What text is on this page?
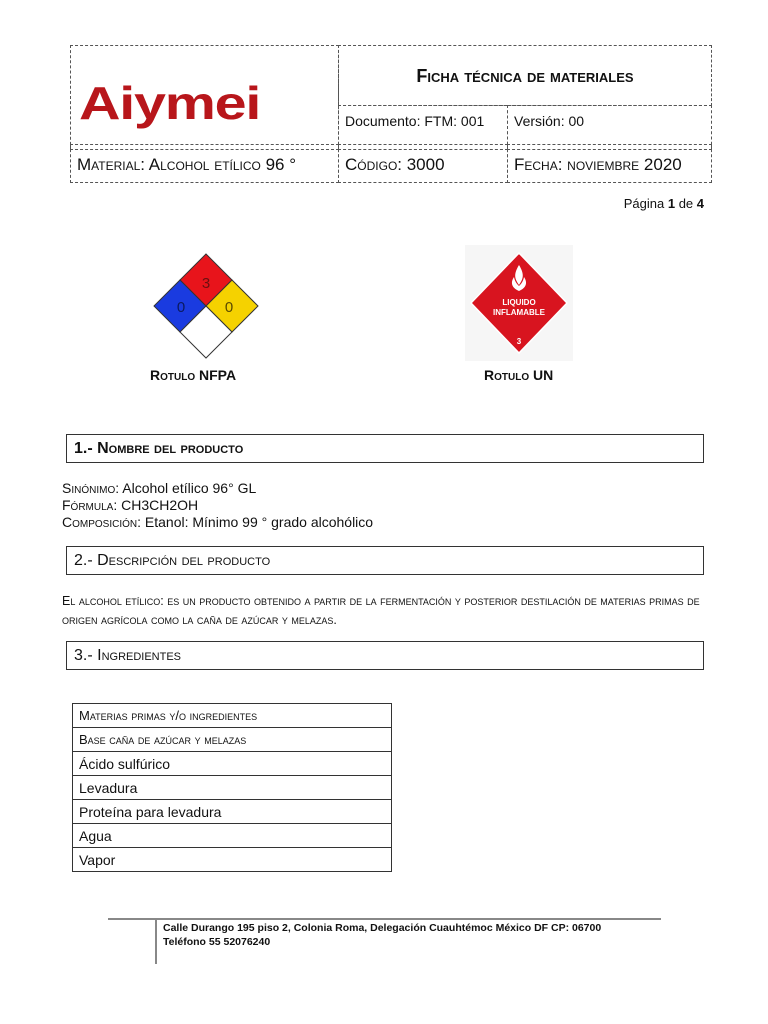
Aiymei
Ficha técnica de materiales
Documento: FTM: 001 Versión: 00
Material: Alcohol etílico 96 °	Código: 3000	Fecha: noviembre 2020
Página 1 de 4
3
0	0
Rotulo NFPA
LIQUIDO
INFLAMABLE
3
Rotulo UN
1.- Nombre del producto
Sinónimo: Alcohol etílico 96° GL
Fórmula: CH3CH2OH
Composición: Etanol: Mínimo 99 ° grado alcohólico
2.- Descripción del producto
El alcohol etílico: es un producto obtenido a partir de la fermentación y posterior destilación de materias primas de origen agrícola como la caña de azúcar y melazas.
3.- Ingredientes
Materias primas y/o ingredientes
Base caña de azúcar y melazas
Ácido sulfúrico
Levadura
Proteína para levadura
Agua
Vapor
Calle Durango 195 piso 2, Colonia Roma, Delegación Cuauhtémoc México DF CP: 06700
Teléfono 55 52076240
